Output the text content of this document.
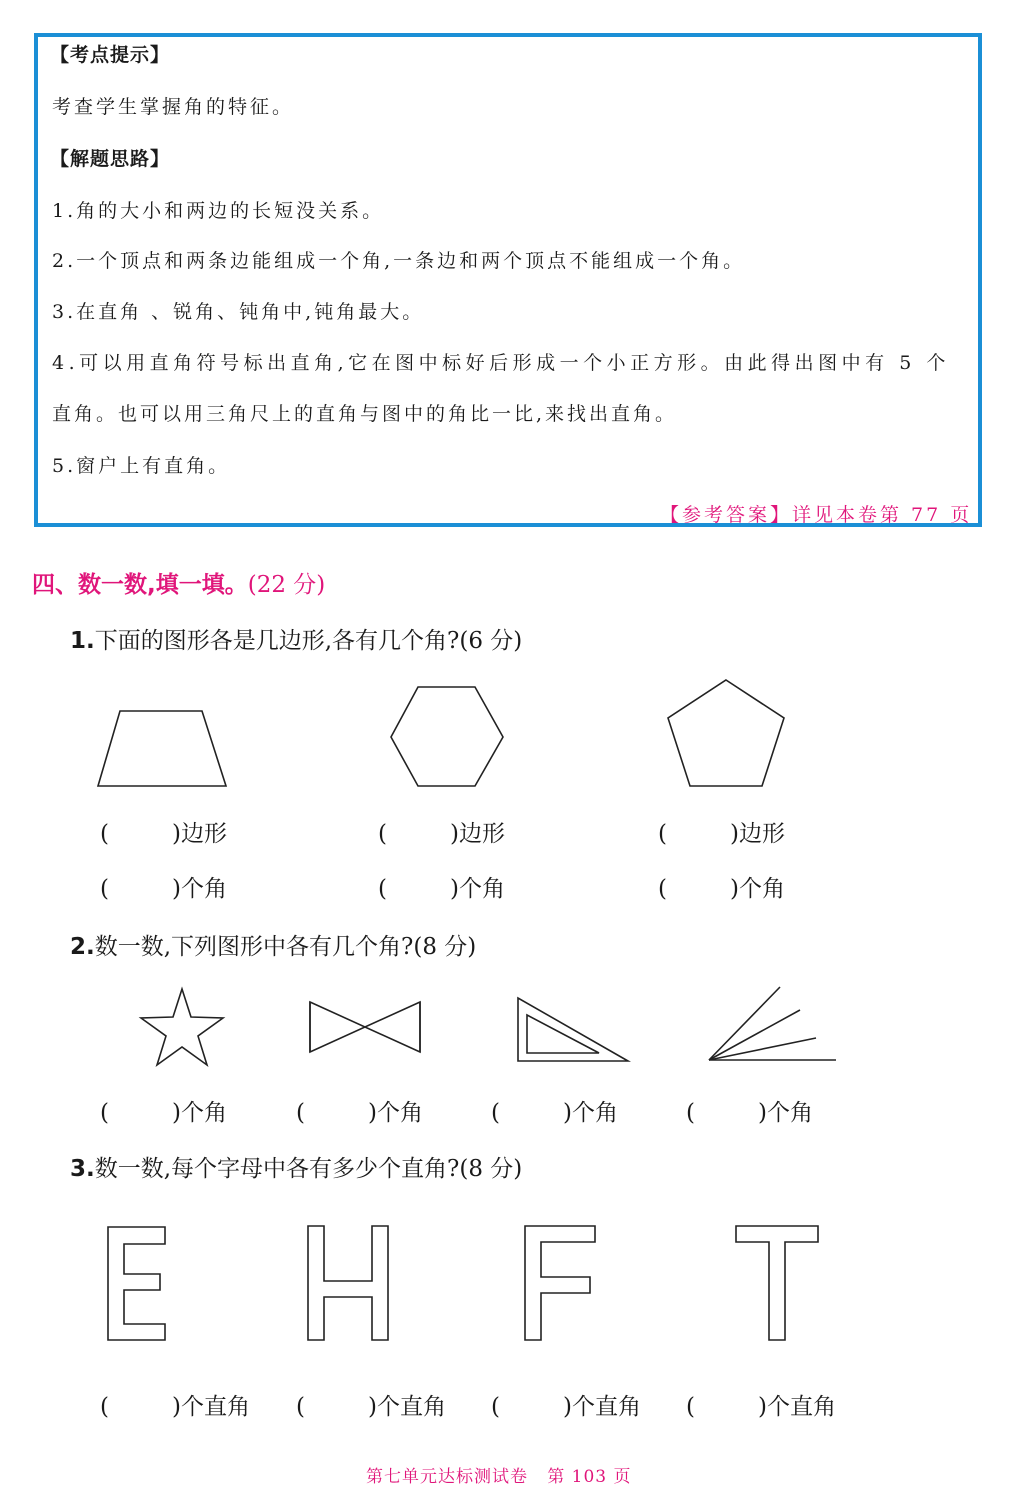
【考点提示】
考查学生掌握角的特征。
【解题思路】
1.角的大小和两边的长短没关系。
2.一个顶点和两条边能组成一个角,一条边和两个顶点不能组成一个角。
3.在直角 、锐角、钝角中,钝角最大。
4.可以用直角符号标出直角,它在图中标好后形成一个小正方形。由此得出图中有 5 个
直角。也可以用三角尺上的直角与图中的角比一比,来找出直角。
5.窗户上有直角。
【参考答案】详见本卷第 77 页
四、数一数,填一填。(22 分)
1.下面的图形各是几边形,各有几个角?(6 分)
(	)边形	(	)边形	(	)边形
(	)个角	(	)个角	(	)个角
2.数一数,下列图形中各有几个角?(8 分)
(	)个角	(	)个角	(	)个角	(	)个角
3.数一数,每个字母中各有多少个直角?(8 分)
(	)个直角 (	)个直角 (	)个直角 (	)个直角
第七单元达标测试卷 第 103 页
